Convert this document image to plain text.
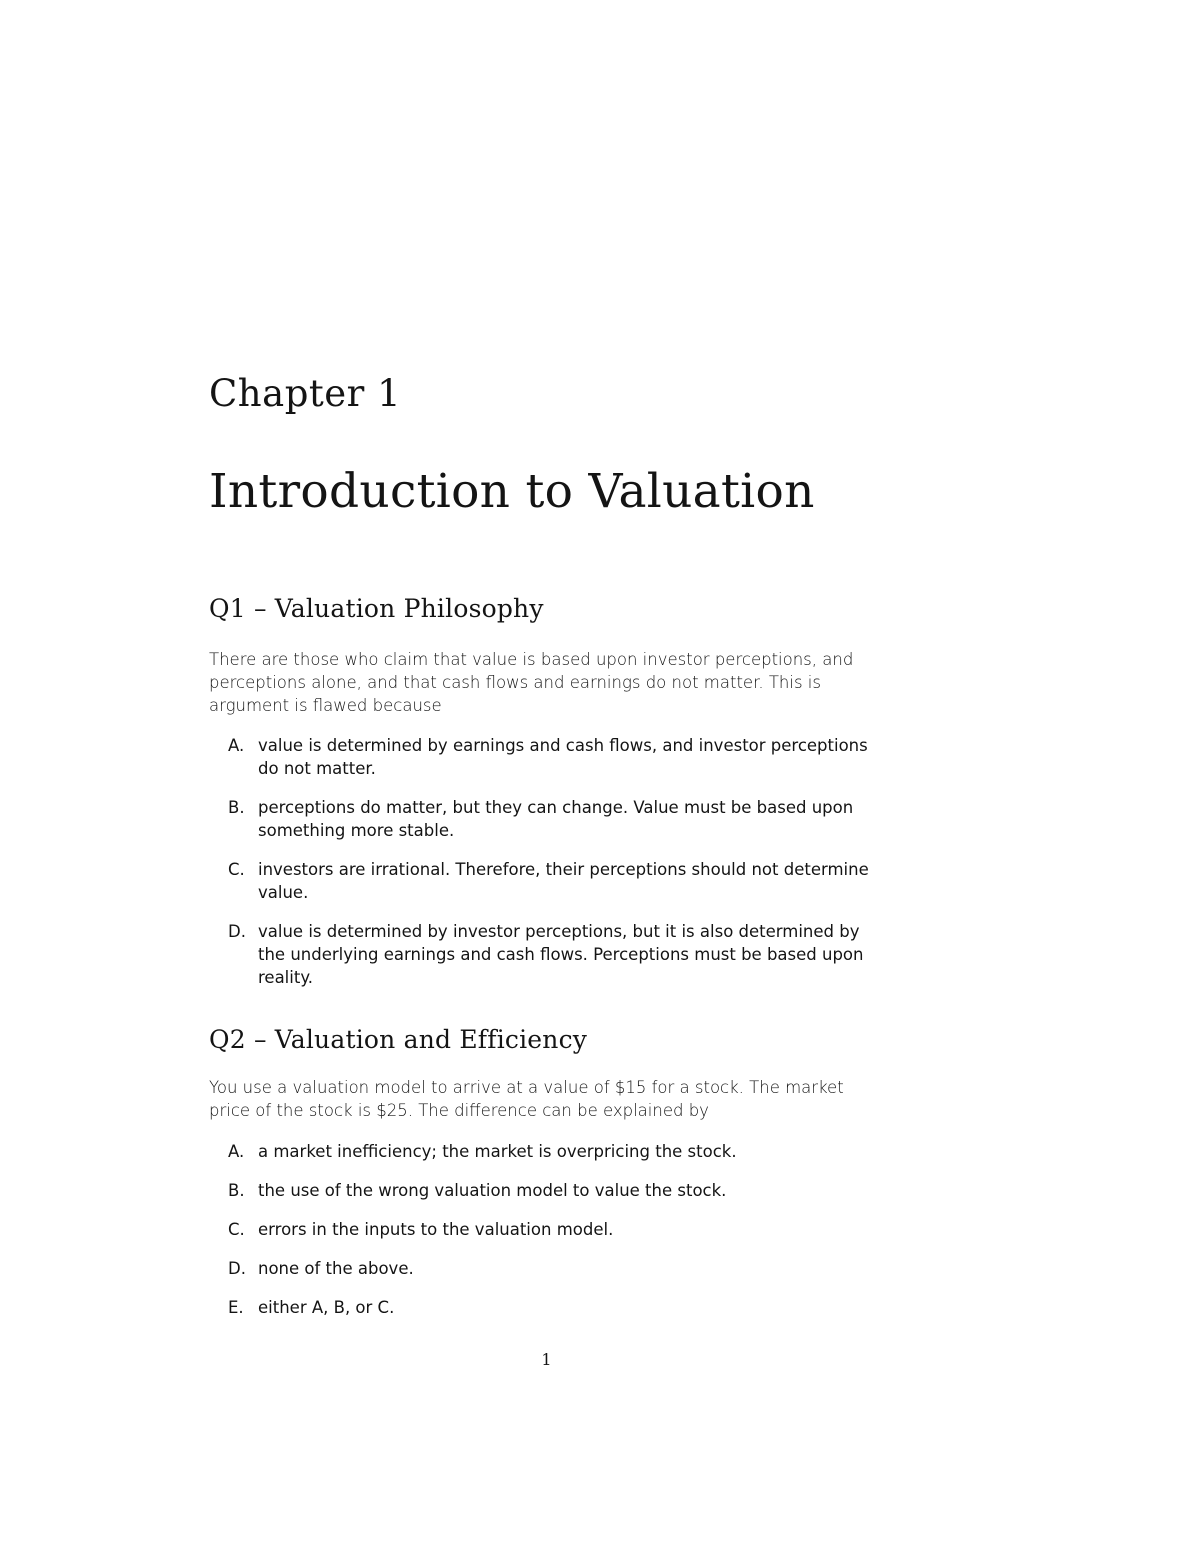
Chapter 1
Introduction to Valuation
Q1 – Valuation Philosophy

There are those who claim that value is based upon investor perceptions, and perceptions alone, and that cash flows and earnings do not matter. This is argument is flawed because

A. value is determined by earnings and cash flows, and investor perceptions do not matter.
B. perceptions do matter, but they can change. Value must be based upon something more stable.
C. investors are irrational. Therefore, their perceptions should not determine value.
D. value is determined by investor perceptions, but it is also determined by the underlying earnings and cash flows. Perceptions must be based upon reality.
Q2 – Valuation and Efficiency

You use a valuation model to arrive at a value of $15 for a stock. The market price of the stock is $25. The difference can be explained by

A. a market inefficiency; the market is overpricing the stock.
B. the use of the wrong valuation model to value the stock.
C. errors in the inputs to the valuation model.
D. none of the above.
E. either A, B, or C.
1
